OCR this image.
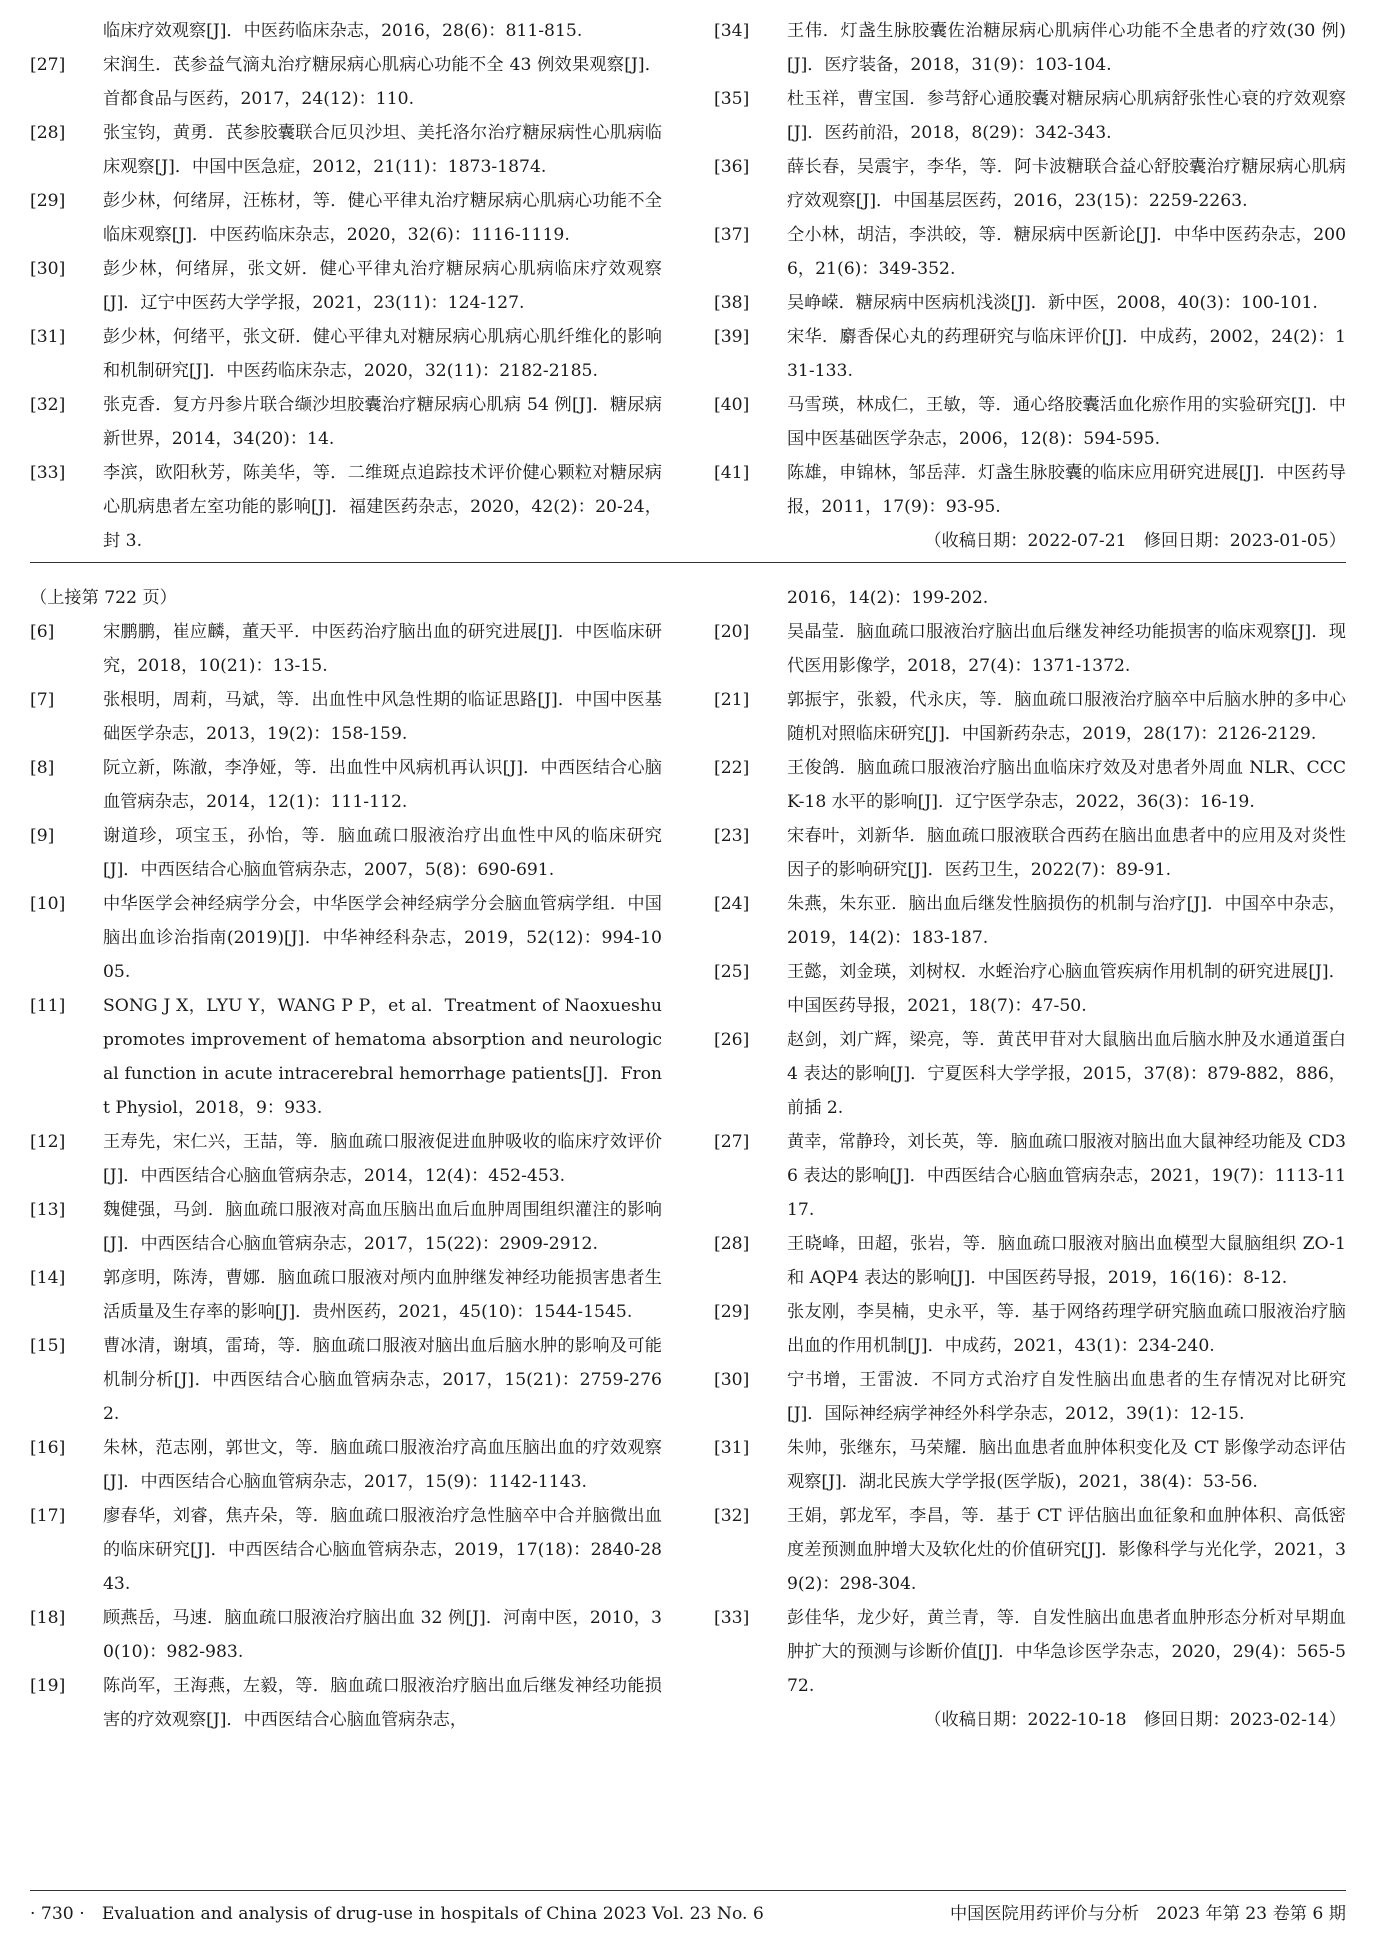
临床疗效观察[J]．中医药临床杂志，2016，28(6)：811-815.
[27] 宋润生．芪参益气滴丸治疗糖尿病心肌病心功能不全 43 例效果观察[J]．首都食品与医药，2017，24(12)：110.
[28] 张宝钧，黄勇．芪参胶囊联合厄贝沙坦、美托洛尔治疗糖尿病性心肌病临床观察[J]．中国中医急症，2012，21(11)：1873-1874.
[29] 彭少林，何绪屏，汪栋材，等．健心平律丸治疗糖尿病心肌病心功能不全临床观察[J]．中医药临床杂志，2020，32(6)：1116-1119.
[30] 彭少林，何绪屏，张文妍．健心平律丸治疗糖尿病心肌病临床疗效观察[J]．辽宁中医药大学学报，2021，23(11)：124-127.
[31] 彭少林，何绪平，张文研．健心平律丸对糖尿病心肌病心肌纤维化的影响和机制研究[J]．中医药临床杂志，2020，32(11)：2182-2185.
[32] 张克香．复方丹参片联合缬沙坦胶囊治疗糖尿病心肌病 54 例[J]．糖尿病新世界，2014，34(20)：14.
[33] 李滨，欧阳秋芳，陈美华，等．二维斑点追踪技术评价健心颗粒对糖尿病心肌病患者左室功能的影响[J]．福建医药杂志，2020，42(2)：20-24，封 3.
[34] 王伟．灯盏生脉胶囊佐治糖尿病心肌病伴心功能不全患者的疗效(30 例)[J]．医疗装备，2018，31(9)：103-104.
[35] 杜玉祥，曹宝国．参芎舒心通胶囊对糖尿病心肌病舒张性心衰的疗效观察[J]．医药前沿，2018，8(29)：342-343.
[36] 薛长春，吴震宇，李华，等．阿卡波糖联合益心舒胶囊治疗糖尿病心肌病疗效观察[J]．中国基层医药，2016，23(15)：2259-2263.
[37] 仝小林，胡洁，李洪皎，等．糖尿病中医新论[J]．中华中医药杂志，2006，21(6)：349-352.
[38] 吴峥嵘．糖尿病中医病机浅淡[J]．新中医，2008，40(3)：100-101.
[39] 宋华．麝香保心丸的药理研究与临床评价[J]．中成药，2002，24(2)：131-133.
[40] 马雪瑛，林成仁，王敏，等．通心络胶囊活血化瘀作用的实验研究[J]．中国中医基础医学杂志，2006，12(8)：594-595.
[41] 陈雄，申锦林，邹岳萍．灯盏生脉胶囊的临床应用研究进展[J]．中医药导报，2011，17(9)：93-95.
（收稿日期：2022-07-21　修回日期：2023-01-05）
（上接第 722 页）
[6]	宋鹏鹏，崔应麟，董天平．中医药治疗脑出血的研究进展[J]．中医临床研究，2018，10(21)：13-15.
[7]	张根明，周莉，马斌，等．出血性中风急性期的临证思路[J]．中国中医基础医学杂志，2013，19(2)：158-159.
[8]	阮立新，陈澈，李净娅，等．出血性中风病机再认识[J]．中西医结合心脑血管病杂志，2014，12(1)：111-112.
[9]	谢道珍，项宝玉，孙怡，等．脑血疏口服液治疗出血性中风的临床研究[J]．中西医结合心脑血管病杂志，2007，5(8)：690-691.
[10] 中华医学会神经病学分会，中华医学会神经病学分会脑血管病学组．中国脑出血诊治指南(2019)[J]．中华神经科杂志，2019，52(12)：994-1005.
[11] SONG J X，LYU Y，WANG P P，et al．Treatment of Naoxueshu promotes improvement of hematoma absorption and neurological function in acute intracerebral hemorrhage patients[J]．Front Physiol，2018，9：933.
[12] 王寿先，宋仁兴，王喆，等．脑血疏口服液促进血肿吸收的临床疗效评价[J]．中西医结合心脑血管病杂志，2014，12(4)：452-453.
[13] 魏健强，马剑．脑血疏口服液对高血压脑出血后血肿周围组织灌注的影响[J]．中西医结合心脑血管病杂志，2017，15(22)：2909-2912.
[14] 郭彦明，陈涛，曹娜．脑血疏口服液对颅内血肿继发神经功能损害患者生活质量及生存率的影响[J]．贵州医药，2021，45(10)：1544-1545.
[15] 曹冰清，谢填，雷琦，等．脑血疏口服液对脑出血后脑水肿的影响及可能机制分析[J]．中西医结合心脑血管病杂志，2017，15(21)：2759-2762.
[16] 朱林，范志刚，郭世文，等．脑血疏口服液治疗高血压脑出血的疗效观察[J]．中西医结合心脑血管病杂志，2017，15(9)：1142-1143.
[17] 廖春华，刘睿，焦卉朵，等．脑血疏口服液治疗急性脑卒中合并脑微出血的临床研究[J]．中西医结合心脑血管病杂志，2019，17(18)：2840-2843.
[18] 顾燕岳，马速．脑血疏口服液治疗脑出血 32 例[J]．河南中医，2010，30(10)：982-983.
[19] 陈尚军，王海燕，左毅，等．脑血疏口服液治疗脑出血后继发神经功能损害的疗效观察[J]．中西医结合心脑血管病杂志，
2016，14(2)：199-202.
[20] 吴晶莹．脑血疏口服液治疗脑出血后继发神经功能损害的临床观察[J]．现代医用影像学，2018，27(4)：1371-1372.
[21] 郭振宇，张毅，代永庆，等．脑血疏口服液治疗脑卒中后脑水肿的多中心随机对照临床研究[J]．中国新药杂志，2019，28(17)：2126-2129.
[22] 王俊鸽．脑血疏口服液治疗脑出血临床疗效及对患者外周血 NLR、CCCK-18 水平的影响[J]．辽宁医学杂志，2022，36(3)：16-19.
[23] 宋春叶，刘新华．脑血疏口服液联合西药在脑出血患者中的应用及对炎性因子的影响研究[J]．医药卫生，2022(7)：89-91.
[24] 朱燕，朱东亚．脑出血后继发性脑损伤的机制与治疗[J]．中国卒中杂志，2019，14(2)：183-187.
[25] 王懿，刘金瑛，刘树权．水蛭治疗心脑血管疾病作用机制的研究进展[J]．中国医药导报，2021，18(7)：47-50.
[26] 赵剑，刘广辉，梁亮，等．黄芪甲苷对大鼠脑出血后脑水肿及水通道蛋白 4 表达的影响[J]．宁夏医科大学学报，2015，37(8)：879-882，886，前插 2.
[27] 黄幸，常静玲，刘长英，等．脑血疏口服液对脑出血大鼠神经功能及 CD36 表达的影响[J]．中西医结合心脑血管病杂志，2021，19(7)：1113-1117.
[28] 王晓峰，田超，张岩，等．脑血疏口服液对脑出血模型大鼠脑组织 ZO-1 和 AQP4 表达的影响[J]．中国医药导报，2019，16(16)：8-12.
[29] 张友刚，李昊楠，史永平，等．基于网络药理学研究脑血疏口服液治疗脑出血的作用机制[J]．中成药，2021，43(1)：234-240.
[30] 宁书增，王雷波．不同方式治疗自发性脑出血患者的生存情况对比研究[J]．国际神经病学神经外科学杂志，2012，39(1)：12-15.
[31] 朱帅，张继东，马荣耀．脑出血患者血肿体积变化及 CT 影像学动态评估观察[J]．湖北民族大学学报(医学版)，2021，38(4)：53-56.
[32] 王娟，郭龙军，李昌，等．基于 CT 评估脑出血征象和血肿体积、高低密度差预测血肿增大及软化灶的价值研究[J]．影像科学与光化学，2021，39(2)：298-304.
[33] 彭佳华，龙少好，黄兰青，等．自发性脑出血患者血肿形态分析对早期血肿扩大的预测与诊断价值[J]．中华急诊医学杂志，2020，29(4)：565-572.
（收稿日期：2022-10-18　修回日期：2023-02-14）
· 730 ·　Evaluation and analysis of drug-use in hospitals of China 2023 Vol. 23 No. 6	中国医院用药评价与分析　2023 年第 23 卷第 6 期
